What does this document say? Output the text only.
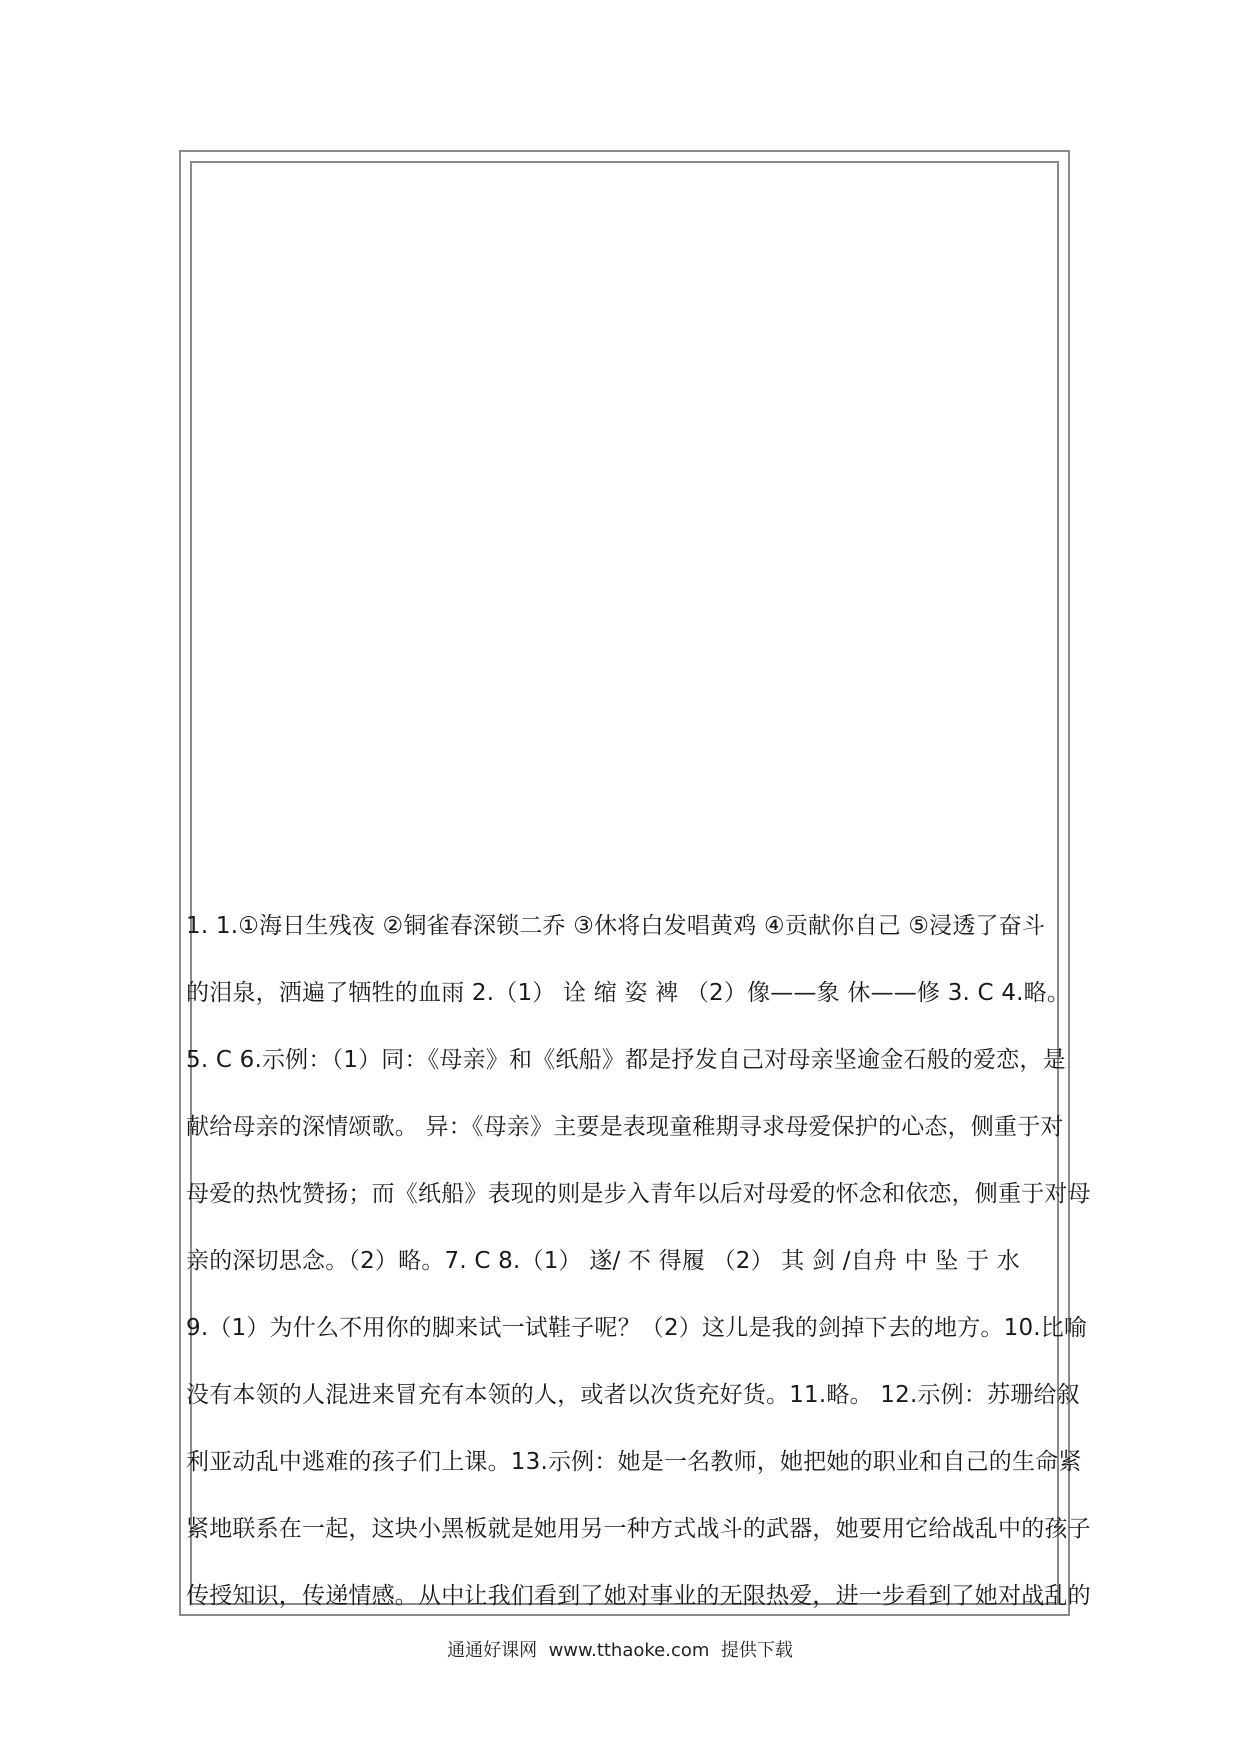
1. 1.①海日生残夜 ②铜雀春深锁二乔 ③休将白发唱黄鸡 ④贡献你自己 ⑤浸透了奋斗
的泪泉，洒遍了牺牲的血雨 2.（1） 诠 缩 姿 裨 （2）像——象 休——修 3. C 4.略。
5. C 6.示例：（1）同：《母亲》和《纸船》都是抒发自己对母亲坚逾金石般的爱恋，是
献给母亲的深情颂歌。 异：《母亲》主要是表现童稚期寻求母爱保护的心态，侧重于对
母爱的热忱赞扬；而《纸船》表现的则是步入青年以后对母爱的怀念和依恋，侧重于对母
亲的深切思念。（2）略。7. C 8.（1） 遂/ 不 得履 （2） 其 剑 /自舟 中 坠 于 水
9.（1）为什么不用你的脚来试一试鞋子呢？（2）这儿是我的剑掉下去的地方。10.比喻
没有本领的人混进来冒充有本领的人，或者以次货充好货。11.略。 12.示例：苏珊给叙
利亚动乱中逃难的孩子们上课。13.示例：她是一名教师，她把她的职业和自己的生命紧
紧地联系在一起，这块小黑板就是她用另一种方式战斗的武器，她要用它给战乱中的孩子
传授知识，传递情感。从中让我们看到了她对事业的无限热爱，进一步看到了她对战乱的
通通好课网  www.tthaoke.com  提供下载
